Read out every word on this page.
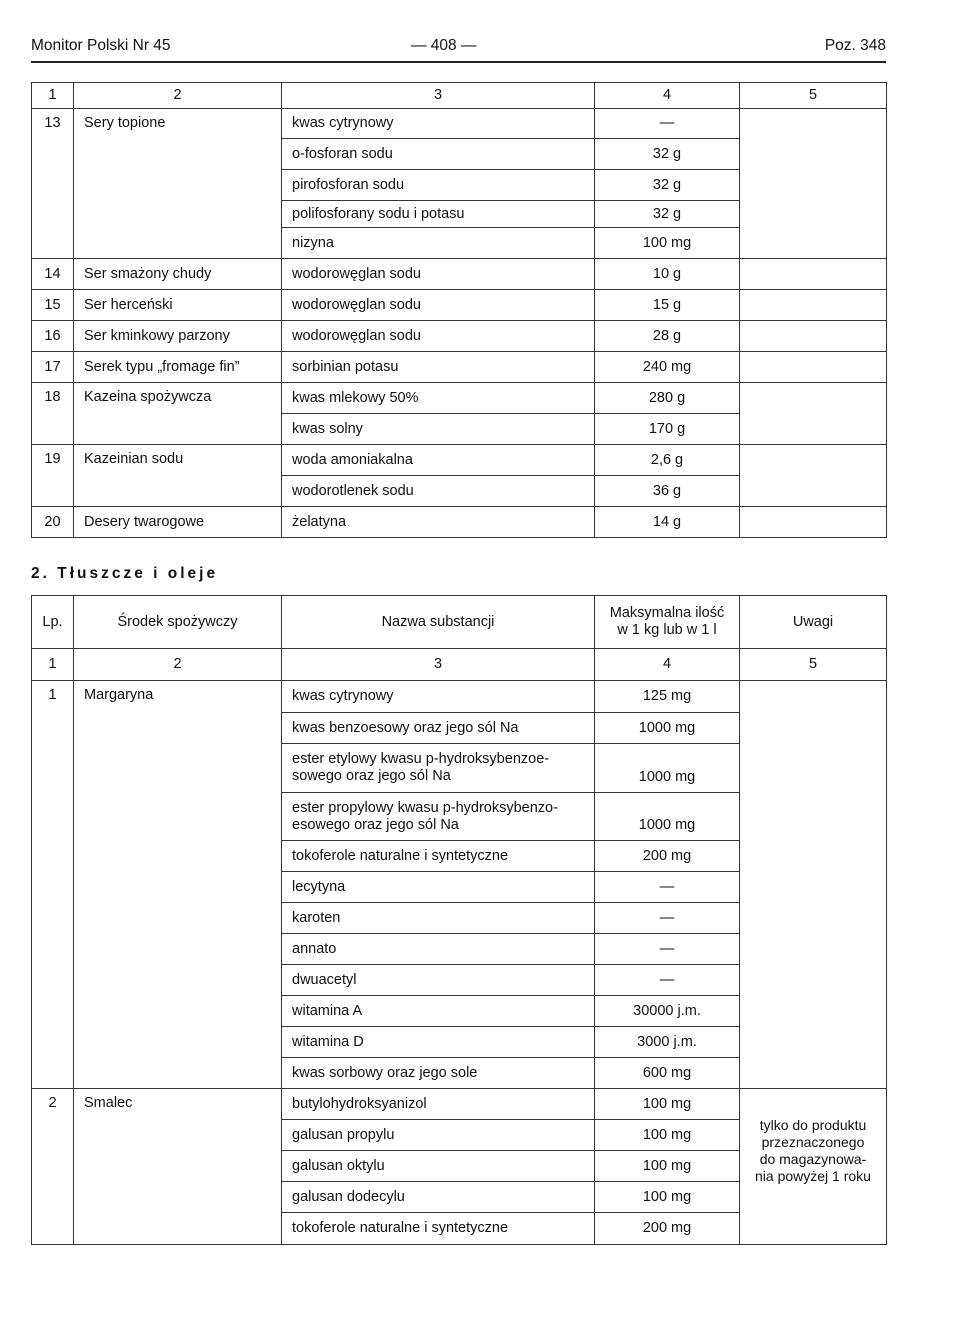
Monitor Polski Nr 45	— 408 —	Poz. 348
1	2	3	4	5
13	Sery topione	kwas cytrynowy	—	
		o-fosforan sodu	32 g	
		pirofosforan sodu	32 g	
		polifosforany sodu i potasu	32 g	
		nizyna	100 mg	
14	Ser smażony chudy	wodorowęglan sodu	10 g	
15	Ser herceński	wodorowęglan sodu	15 g	
16	Ser kminkowy parzony	wodorowęglan sodu	28 g	
17	Serek typu „fromage fin”	sorbinian potasu	240 mg	
18	Kazeina spożywcza	kwas mlekowy 50%	280 g	
		kwas solny	170 g	
19	Kazeinian sodu	woda amoniakalna	2,6 g	
		wodorotlenek sodu	36 g	
20	Desery twarogowe	żelatyna	14 g	
2. Tłuszcze i oleje
Lp.	Środek spożywczy	Nazwa substancji	Maksymalna ilość
w 1 kg lub w 1 l	Uwagi
1	2	3	4	5
1	Margaryna	kwas cytrynowy	125 mg	
		kwas benzoesowy oraz jego sól Na	1000 mg	

		ester etylowy kwasu p-hydroksybenzoe-
sowego oraz jego sól Na	1000 mg	

		ester propylowy kwasu p-hydroksybenzo-
esowego oraz jego sól Na	1000 mg	
		tokoferole naturalne i syntetyczne	200 mg	
		lecytyna	—	
		karoten	—	
		annato	—	
		dwuacetyl	—	
		witamina A	30000 j.m.	
		witamina D	3000 j.m.	
		kwas sorbowy oraz jego sole	600 mg	
2	Smalec	butylohydroksyanizol	100 mg	tylko do produktu
przeznaczonego
do magazynowa-
nia powyżej 1 roku

		galusan propylu	100 mg	
		galusan oktylu	100 mg	
		galusan dodecylu	100 mg	
		tokoferole naturalne i syntetyczne	200 mg	
